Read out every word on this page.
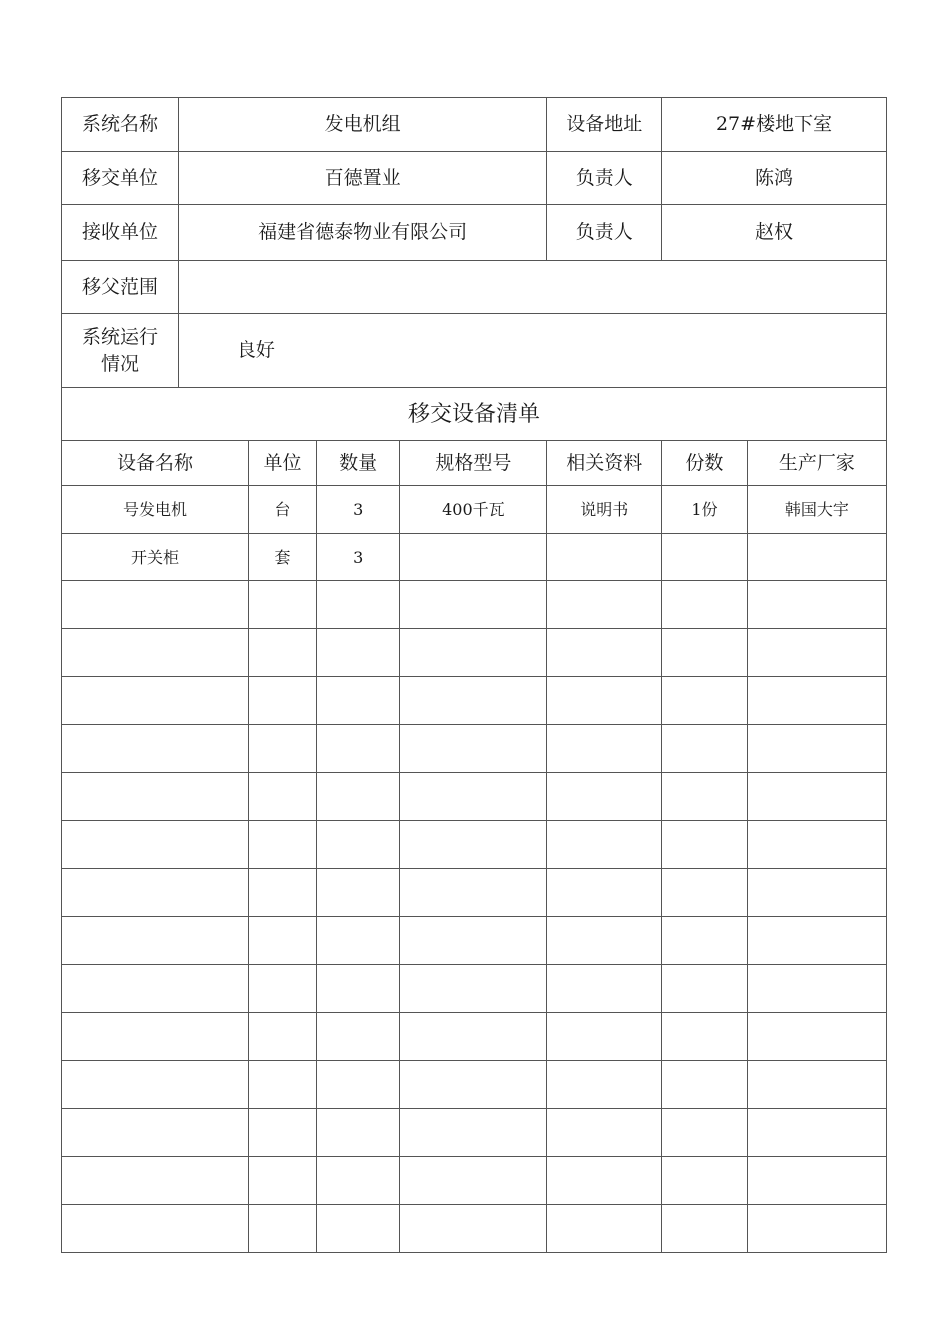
系统名称	发电机组				设备地址	27#楼地下室	
移交单位	百德置业				负责人	陈鸿	
接收单位	福建省德泰物业有限公司				负责人	赵权	
移父范围							
系统运行
情况	良好						
移交设备清单							
设备名称		单位	数量	规格型号	相关资料	份数	生产厂家
号发电机		台	3	400千瓦	说明书	1份	韩国大宇
开关柜		套	3				
